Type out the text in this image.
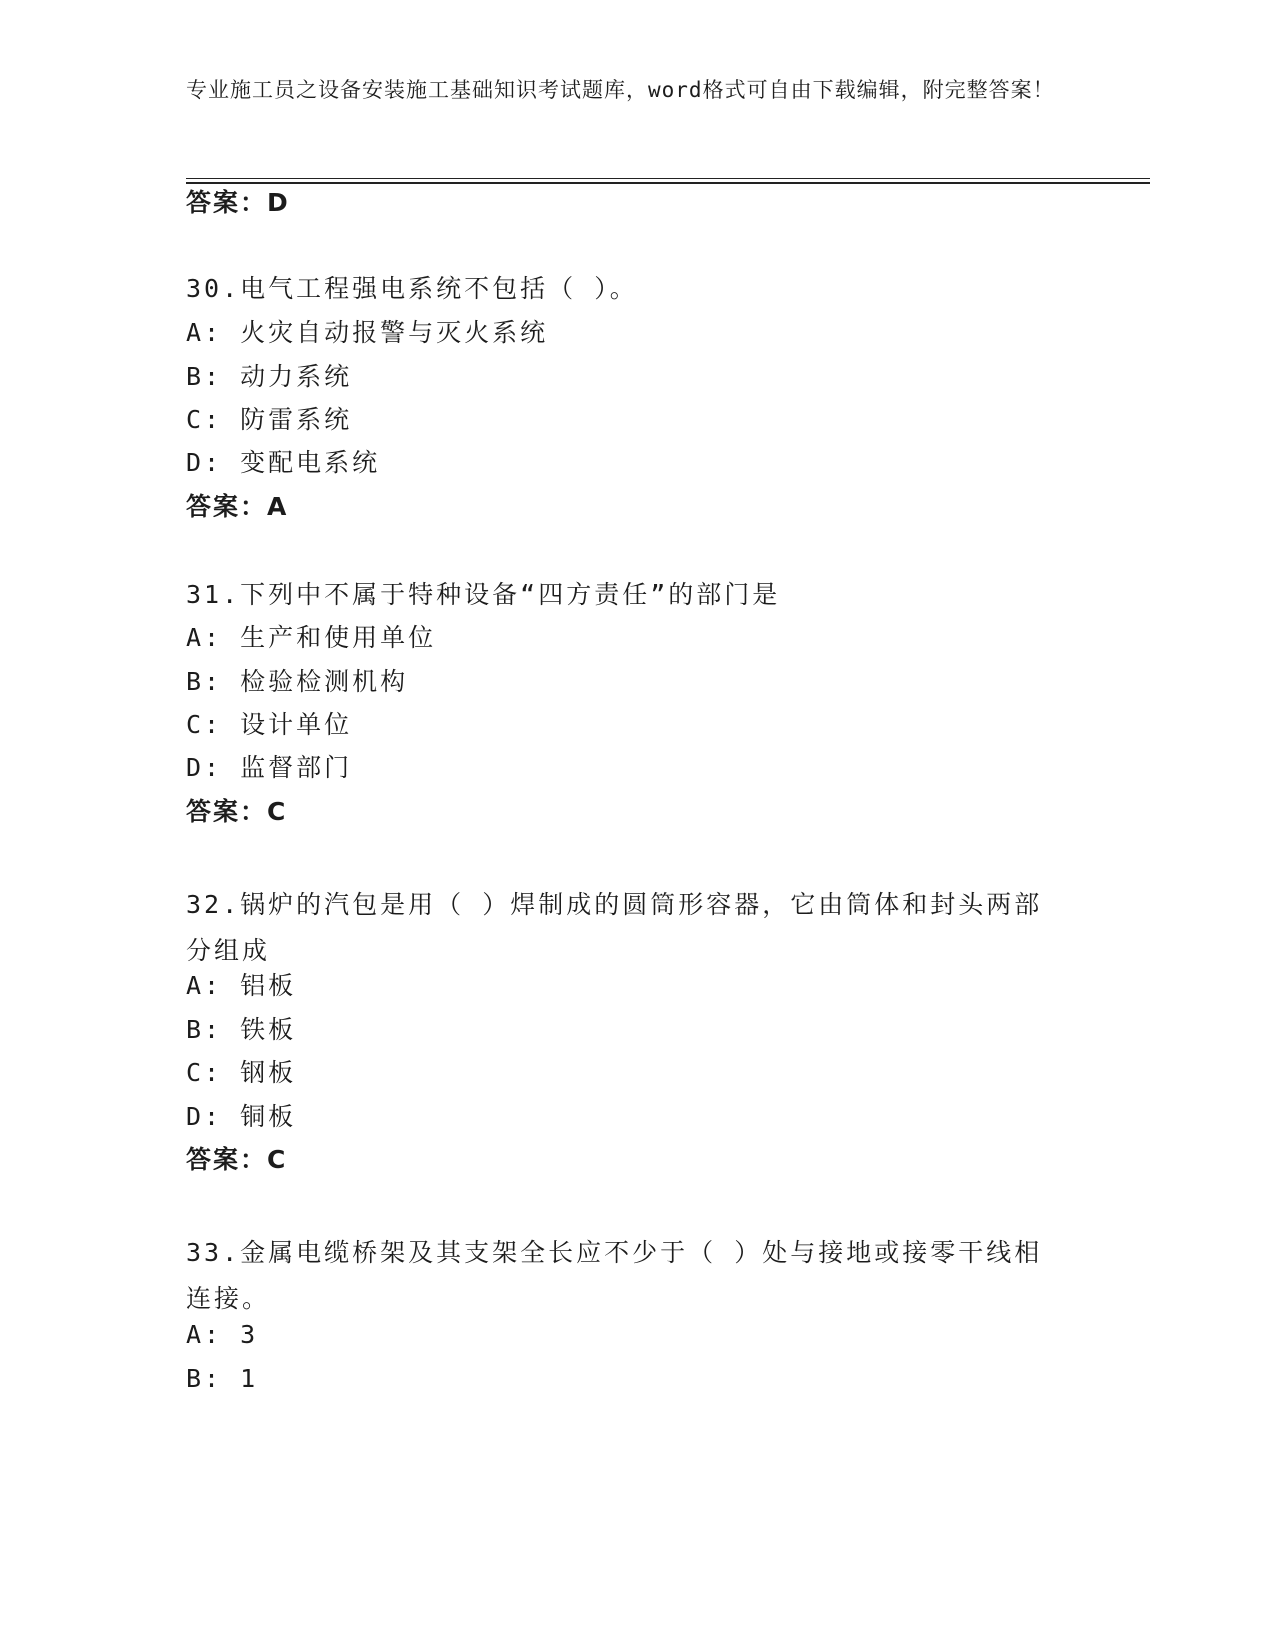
专业施工员之设备安装施工基础知识考试题库，word格式可自由下载编辑，附完整答案！
答案：D
30.电气工程强电系统不包括（ ）。
A: 火灾自动报警与灭火系统
B: 动力系统
C: 防雷系统
D: 变配电系统
答案：A
31.下列中不属于特种设备“四方责任”的部门是
A: 生产和使用单位
B: 检验检测机构
C: 设计单位
D: 监督部门
答案：C
32.锅炉的汽包是用（ ）焊制成的圆筒形容器，它由筒体和封头两部分组成
A: 铝板
B: 铁板
C: 钢板
D: 铜板
答案：C
33.金属电缆桥架及其支架全长应不少于（ ）处与接地或接零干线相连接。
A: 3
B: 1
